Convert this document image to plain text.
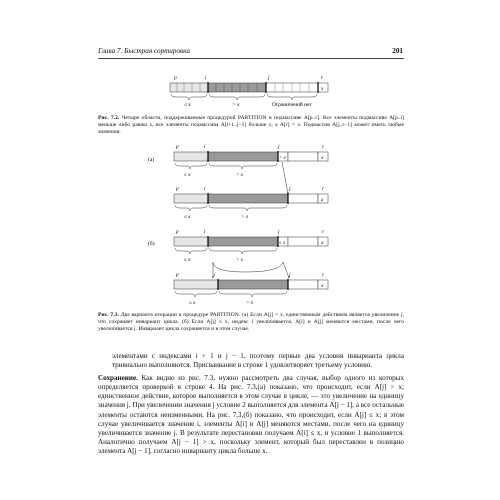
Глава 7. Быстрая сортировка	201
p	i	j	r
x
≤ x	> x	Ограничений нет
Рис. 7.2. Четыре области, поддерживаемые процедурой PARTITION в подмассиве A[p..r]. Все элементы подмассива A[p..i] меньше либо равны x, все элементы подмассива A[i+1..j−1] больше x, а A[r] = x. Подмассив A[j..r−1] может иметь любые значения.
(a)
(б)
p	i	j	r
> x	x
≤ x	> x
p	i	j	r
x
≤ x	> x
p	i	j	r
≤ x	x
≤ x	> x
p	i	j	r
x
≤ x	> x
Рис. 7.3. Два варианта итерации в процедуре PARTITION. (а) Если A[j] > x, единственным действием является увеличение j, что сохраняет инвариант цикла. (б) Если A[j] ≤ x, индекс i увеличивается, A[i] и A[j] меняются местами, после чего увеличивается j. Инвариант цикла сохраняется и в этом случае.
элементами с индексами i + 1 и j − 1, поэтому первые два условия инварианта цикла тривиально выполняются. Присваивание в строке 1 удовлетворяет третьему условию.
Сохранение. Как видно из рис. 7.3, нужно рассмотреть два случая, выбор одного из которых определяется проверкой в строке 4. На рис. 7.3,(а) показано, что происходит, если A[j] > x; единственное действие, которое выполняется в этом случае в цикле, — это увеличение на единицу значения j. При увеличении значения j условие 2 выполняется для элемента A[j − 1], а все остальные элементы остаются неизменными. На рис. 7.3,(б) показано, что происходит, если A[j] ≤ x; в этом случае увеличивается значение i, элементы A[i] и A[j] меняются местами, после чего на единицу увеличивается значение j. В результате перестановки получаем A[i] ≤ x, и условие 1 выполняется. Аналогично получаем A[j − 1] > x, поскольку элемент, который был переставлен в позицию элемента A[j − 1], согласно инварианту цикла больше x.
